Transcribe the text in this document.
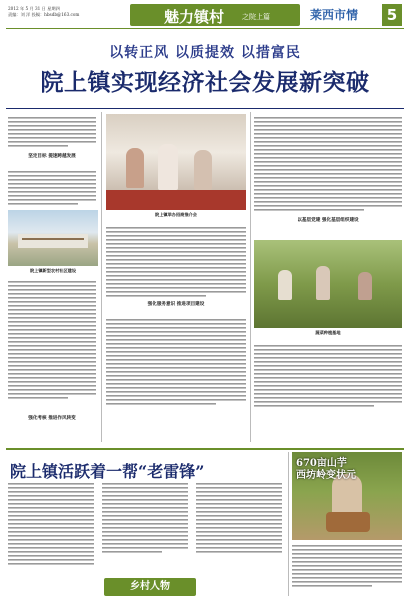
2012 年 5 月 31 日 星期四
责编：刘 洋 投稿：hbsdb@163.com	魅力镇村	之院上篇	莱西市情	5
以转正风 以质提效 以措富民
院上镇实现经济社会发展新突破

坚定目标 提速跨越发展
院上镇新型农村社区建设
院上镇举办招商推介会
强化服务意识 推进项目建设
以基层党建 强化基层组织建设
蔬菜种植基地
强化考核 推进作风转变
院上镇活跃着一帮“老雷锋”
乡村人物
670亩山芋 西坊岭变状元
